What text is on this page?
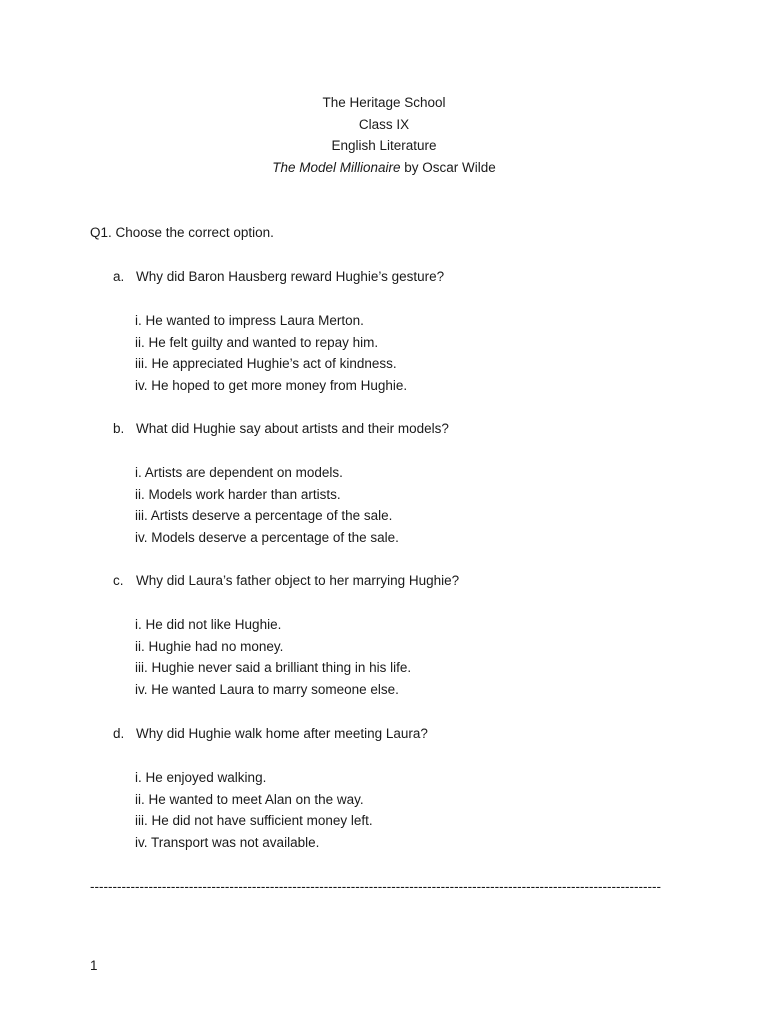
The Heritage School
Class IX
English Literature
The Model Millionaire by Oscar Wilde
Q1. Choose the correct option.
a. Why did Baron Hausberg reward Hughie’s gesture?
i. He wanted to impress Laura Merton.
ii. He felt guilty and wanted to repay him.
iii. He appreciated Hughie’s act of kindness.
iv. He hoped to get more money from Hughie.
b. What did Hughie say about artists and their models?
i. Artists are dependent on models.
ii. Models work harder than artists.
iii. Artists deserve a percentage of the sale.
iv. Models deserve a percentage of the sale.
c. Why did Laura’s father object to her marrying Hughie?
i. He did not like Hughie.
ii. Hughie had no money.
iii. Hughie never said a brilliant thing in his life.
iv. He wanted Laura to marry someone else.
d. Why did Hughie walk home after meeting Laura?
i. He enjoyed walking.
ii. He wanted to meet Alan on the way.
iii. He did not have sufficient money left.
iv. Transport was not available.
-------------------------------------------------------------------------------------------------------------------------------
1
